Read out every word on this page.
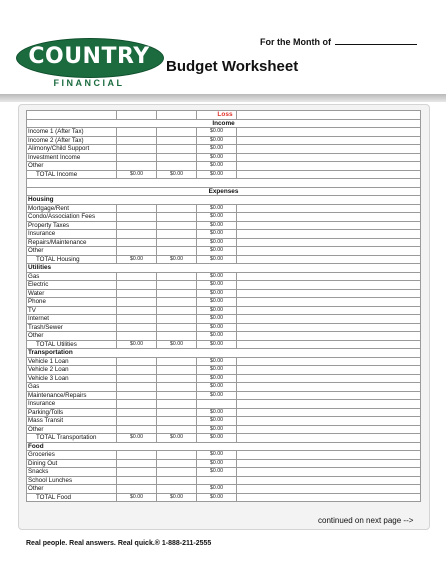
For the Month of
COUNTRY
FINANCIAL
Budget Worksheet
	Budget	Actual	Save/Loss	Notes
Income				
Income 1 (After Tax)			$0.00	
Income 2 (After Tax)			$0.00	
Alimony/Child Support			$0.00	
Investment Income			$0.00	
Other			$0.00	
TOTAL Income	$0.00	$0.00	$0.00	

Expenses				
Housing				
Mortgage/Rent			$0.00	
Condo/Association Fees			$0.00	
Property Taxes			$0.00	
Insurance			$0.00	
Repairs/Maintenance			$0.00	
Other			$0.00	
TOTAL Housing	$0.00	$0.00	$0.00	
Utilities				
Gas			$0.00	
Electric			$0.00	
Water			$0.00	
Phone			$0.00	
TV			$0.00	
Internet			$0.00	
Trash/Sewer			$0.00	
Other			$0.00	
TOTAL Utilities	$0.00	$0.00	$0.00	
Transportation				
Vehicle 1 Loan			$0.00	
Vehicle 2 Loan			$0.00	
Vehicle 3 Loan			$0.00	
Gas			$0.00	
Maintenance/Repairs			$0.00	
Insurance				
Parking/Tolls			$0.00	
Mass Transit			$0.00	
Other			$0.00	
TOTAL Transportation	$0.00	$0.00	$0.00	
Food				
Groceries			$0.00	
Dining Out			$0.00	
Snacks			$0.00	
School Lunches				
Other			$0.00	
TOTAL Food	$0.00	$0.00	$0.00	
continued on next page -->
Real people. Real answers. Real quick.® 1-888-211-2555
